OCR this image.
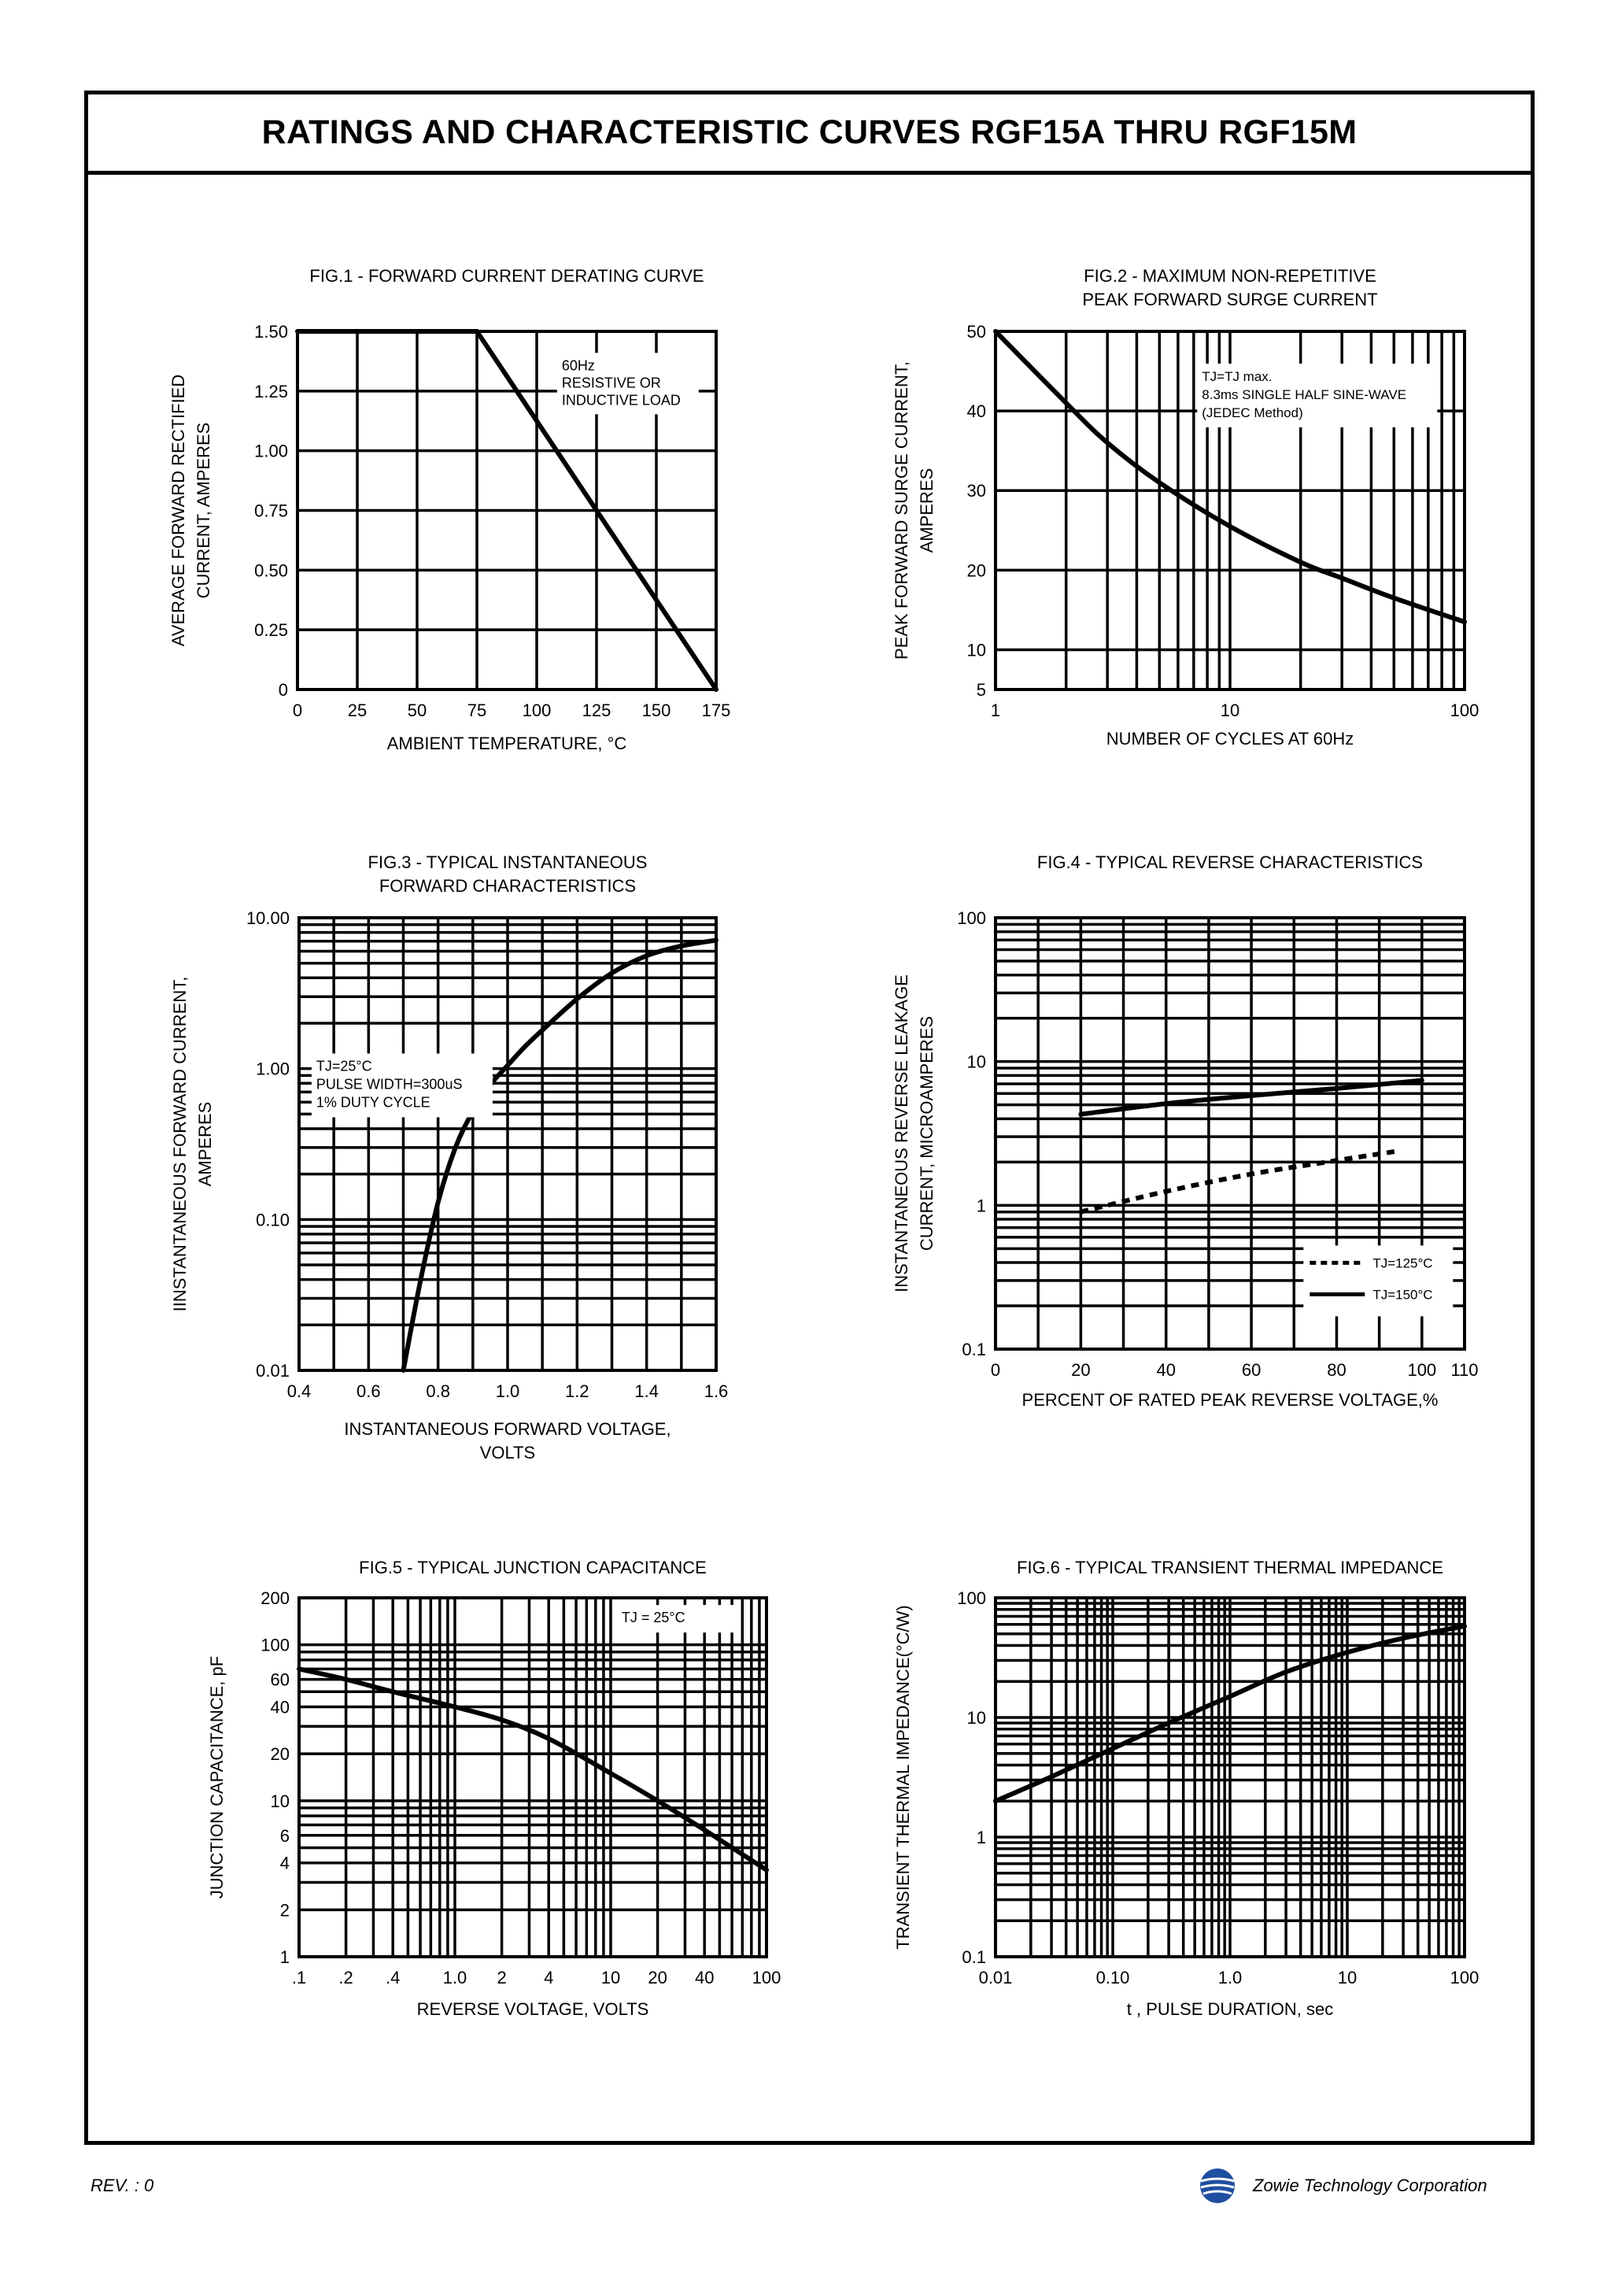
RATINGS AND CHARACTERISTIC CURVES RGF15A THRU RGF15M
0	25 50 75 100 125 150 175
0
0.25
0.50
0.75
1.00
1.25
1.50
FIG.1 - FORWARD CURRENT DERATING CURVE
AMBIENT TEMPERATURE, °C
AVERAGE FORWARD RECTIFIED CURRENT, AMPERES
60Hz
RESISTIVE OR
INDUCTIVE LOAD
1	10	100
5
10
20
30
40
50
FIG.2 - MAXIMUM NON-REPETITIVE
PEAK FORWARD SURGE CURRENT
NUMBER OF CYCLES AT 60Hz
PEAK FORWARD SURGE CURRENT, AMPERES
TJ=TJ max.
8.3ms SINGLE HALF SINE-WAVE
(JEDEC Method)
0.4	0.6	0.8	1.0	1.2	1.4	1.6
0.01
0.10
1.00
10.00
FIG.3 - TYPICAL INSTANTANEOUS
FORWARD CHARACTERISTICS
INSTANTANEOUS FORWARD VOLTAGE,
VOLTS
IINSTANTANEOUS FORWARD CURRENT, AMPERES
TJ=25°C
PULSE WIDTH=300uS
1% DUTY CYCLE
0	20	40	60	80	100 110
0.1
1
10
100
FIG.4 - TYPICAL REVERSE CHARACTERISTICS
PERCENT OF RATED PEAK REVERSE VOLTAGE,%
INSTANTANEOUS REVERSE LEAKAGE CURRENT, MICROAMPERES
TJ=125°C
TJ=150°C
.1 .2 .4 1.0 2 4	10 20 40 100
1
2
4
6
10
20
40
60
100
200
FIG.5 - TYPICAL JUNCTION CAPACITANCE
REVERSE VOLTAGE, VOLTS
JUNCTION CAPACITANCE, pF
TJ = 25°C
0.01	0.10	1.0	10	100
0.1
1
10
100
FIG.6 - TYPICAL TRANSIENT THERMAL IMPEDANCE
t , PULSE DURATION, sec
TRANSIENT THERMAL IMPEDANCE(°C/W)
REV. : 0	Zowie Technology Corporation
